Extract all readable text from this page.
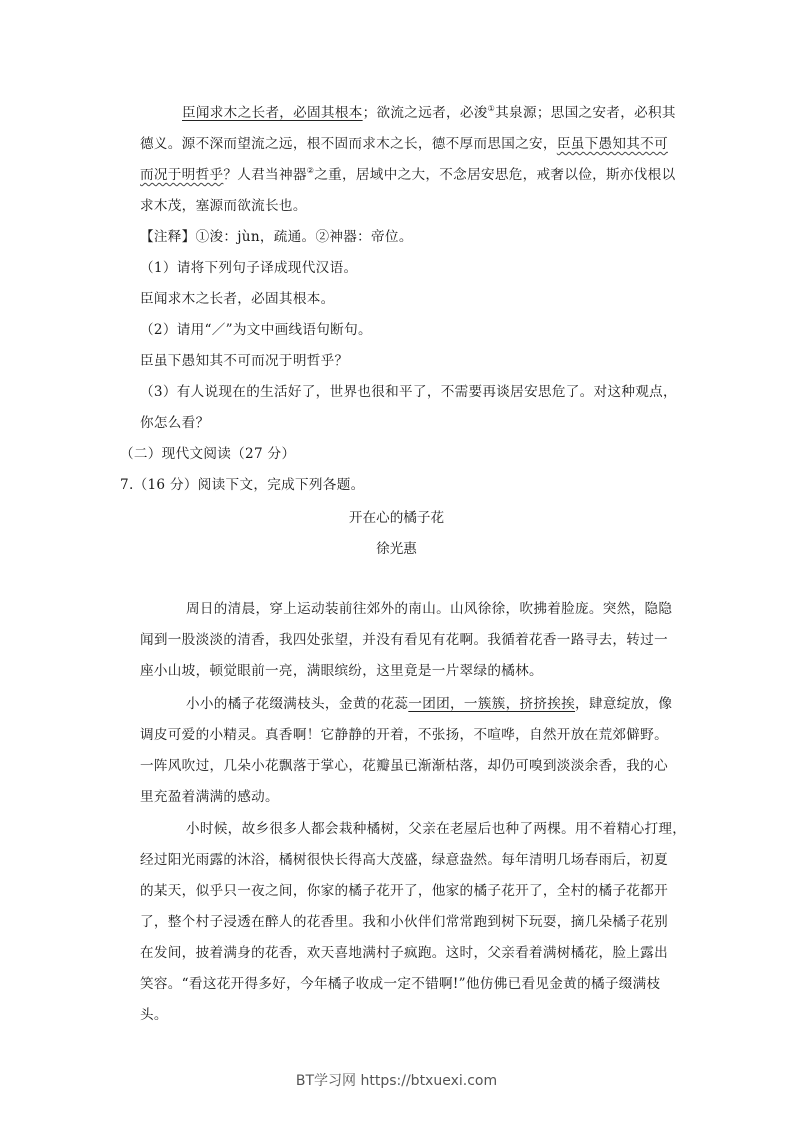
臣闻求木之长者，必固其根本；欲流之远者，必浚①其泉源；思国之安者，必积其
德义。源不深而望流之远，根不固而求木之长，德不厚而思国之安，臣虽下愚知其不可
而况于明哲乎？人君当神器②之重，居域中之大，不念居安思危，戒奢以俭，斯亦伐根以
求木茂，塞源而欲流长也。
【注释】①浚：jùn，疏通。②神器：帝位。
（1）请将下列句子译成现代汉语。
臣闻求木之长者，必固其根本。
（2）请用“／”为文中画线语句断句。
臣虽下愚知其不可而况于明哲乎？
（3）有人说现在的生活好了，世界也很和平了，不需要再谈居安思危了。对这种观点，
你怎么看？
（二）现代文阅读（27 分）
7.（16 分）阅读下文，完成下列各题。
开在心的橘子花
徐光惠
周日的清晨，穿上运动装前往郊外的南山。山风徐徐，吹拂着脸庞。突然，隐隐
闻到一股淡淡的清香，我四处张望，并没有看见有花啊。我循着花香一路寻去，转过一
座小山坡，顿觉眼前一亮，满眼缤纷，这里竟是一片翠绿的橘林。
小小的橘子花缀满枝头，金黄的花蕊一团团，一簇簇，挤挤挨挨，肆意绽放，像
调皮可爱的小精灵。真香啊！它静静的开着，不张扬，不喧哗，自然开放在荒郊僻野。
一阵风吹过，几朵小花飘落于掌心，花瓣虽已渐渐枯落，却仍可嗅到淡淡余香，我的心
里充盈着满满的感动。
小时候，故乡很多人都会栽种橘树，父亲在老屋后也种了两棵。用不着精心打理，
经过阳光雨露的沐浴，橘树很快长得高大茂盛，绿意盎然。每年清明几场春雨后，初夏
的某天，似乎只一夜之间，你家的橘子花开了，他家的橘子花开了，全村的橘子花都开
了，整个村子浸透在醉人的花香里。我和小伙伴们常常跑到树下玩耍，摘几朵橘子花别
在发间，披着满身的花香，欢天喜地满村子疯跑。这时，父亲看着满树橘花，脸上露出
笑容。“看这花开得多好，今年橘子收成一定不错啊!”他仿佛已看见金黄的橘子缀满枝
头。
BT学习网 https://btxuexi.com
